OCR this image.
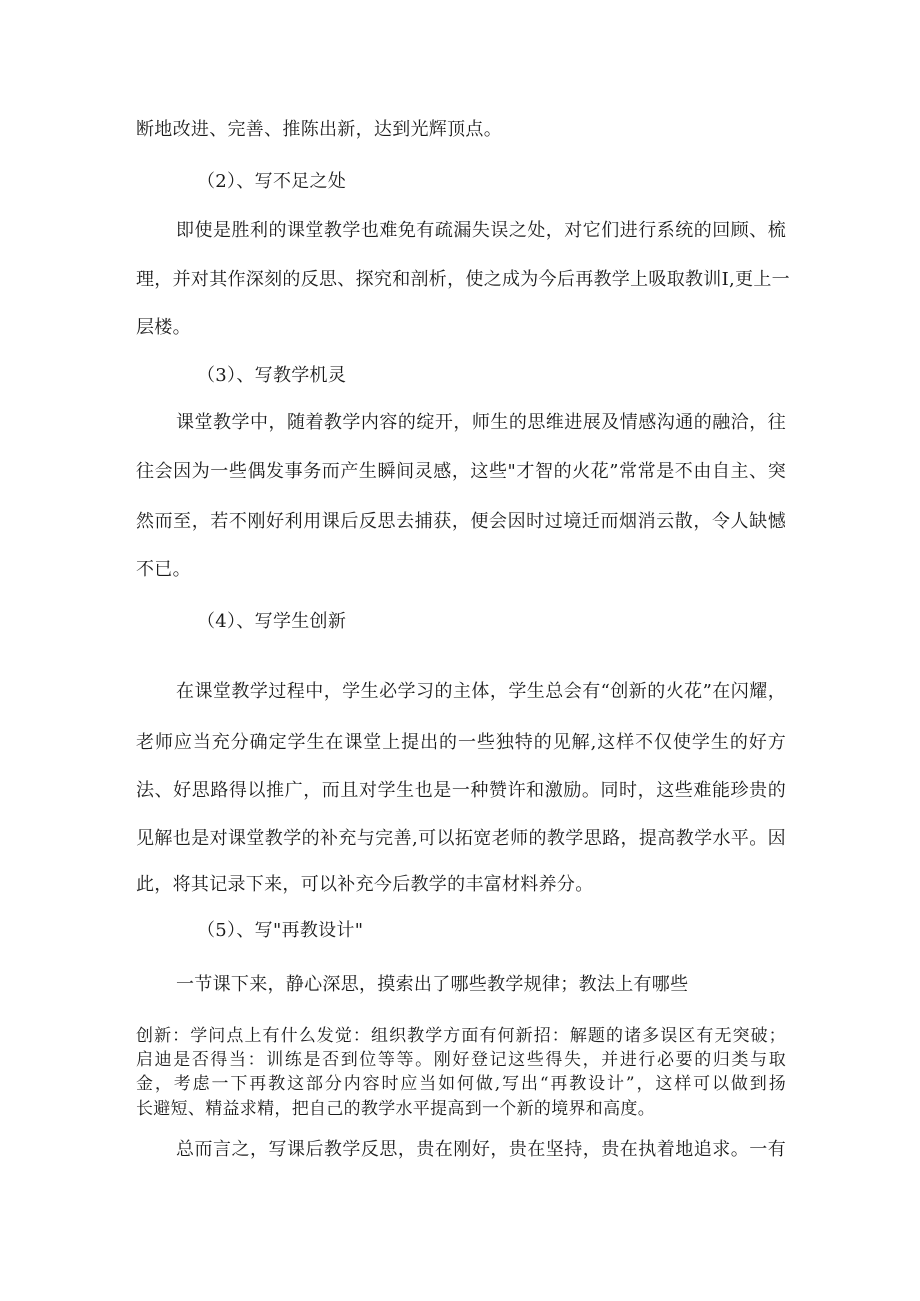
断地改进、完善、推陈出新，达到光辉顶点。
（2）、写不足之处
即使是胜利的课堂教学也难免有疏漏失误之处，对它们进行系统的回顾、梳
理，并对其作深刻的反思、探究和剖析，使之成为今后再教学上吸取教训Ⅰ,更上一
层楼。
（3）、写教学机灵
课堂教学中，随着教学内容的绽开，师生的思维进展及情感沟通的融洽，往
往会因为一些偶发事务而产生瞬间灵感，这些"才智的火花”常常是不由自主、突
然而至，若不刚好利用课后反思去捕获，便会因时过境迁而烟消云散，令人缺憾
不已。
（4）、写学生创新
在课堂教学过程中，学生必学习的主体，学生总会有“创新的火花”在闪耀，
老师应当充分确定学生在课堂上提出的一些独特的见解,这样不仅使学生的好方
法、好思路得以推广，而且对学生也是一种赞许和激励。同时，这些难能珍贵的
见解也是对课堂教学的补充与完善,可以拓宽老师的教学思路，提高教学水平。因
此，将其记录下来，可以补充今后教学的丰富材料养分。
（5）、写"再教设计"
一节课下来，静心深思，摸索出了哪些教学规律；教法上有哪些
创新：学问点上有什么发觉：组织教学方面有何新招：解题的诸多误区有无突破；
启迪是否得当：训练是否到位等等。刚好登记这些得失，并进行必要的归类与取
金，考虑一下再教这部分内容时应当如何做,写出“再教设计”，这样可以做到扬
长避短、精益求精，把自己的教学水平提高到一个新的境界和高度。
总而言之，写课后教学反思，贵在刚好，贵在坚持，贵在执着地追求。一有
